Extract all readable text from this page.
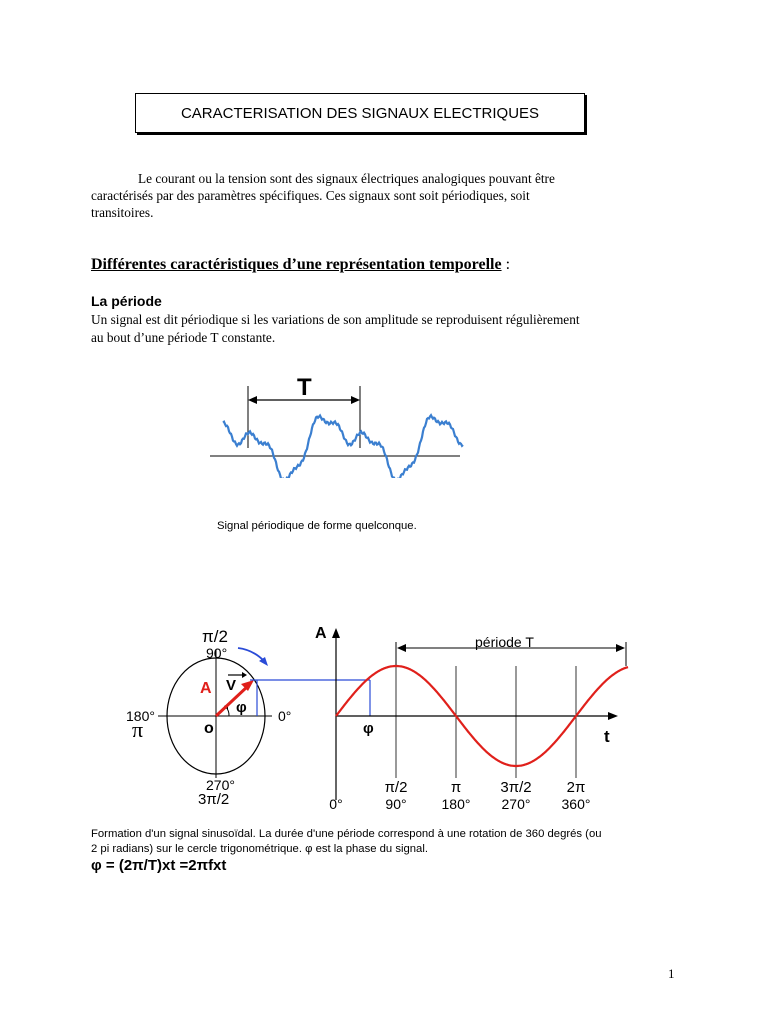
CARACTERISATION DES SIGNAUX ELECTRIQUES
Le courant ou la tension sont des signaux électriques analogiques pouvant être
caractérisés par des paramètres spécifiques. Ces signaux sont soit périodiques, soit
transitoires.
Différentes caractéristiques d’une représentation temporelle :
La période
Un signal est dit périodique si les variations de son amplitude se reproduisent régulièrement
au bout d’une période T constante.
T
Signal périodique de forme quelconque.
π/2
90°
180°
π
0°
o
A V
φ
270°
3π/2
A
t
φ
période T
0°
π/2
90°
π
180°
3π/2
270°
2π
360°
Formation d'un signal sinusoïdal. La durée d'une période correspond à une rotation de 360 degrés (ou
2 pi radians) sur le cercle trigonométrique. φ est la phase du signal.
φ = (2π/T)xt =2πfxt
1
